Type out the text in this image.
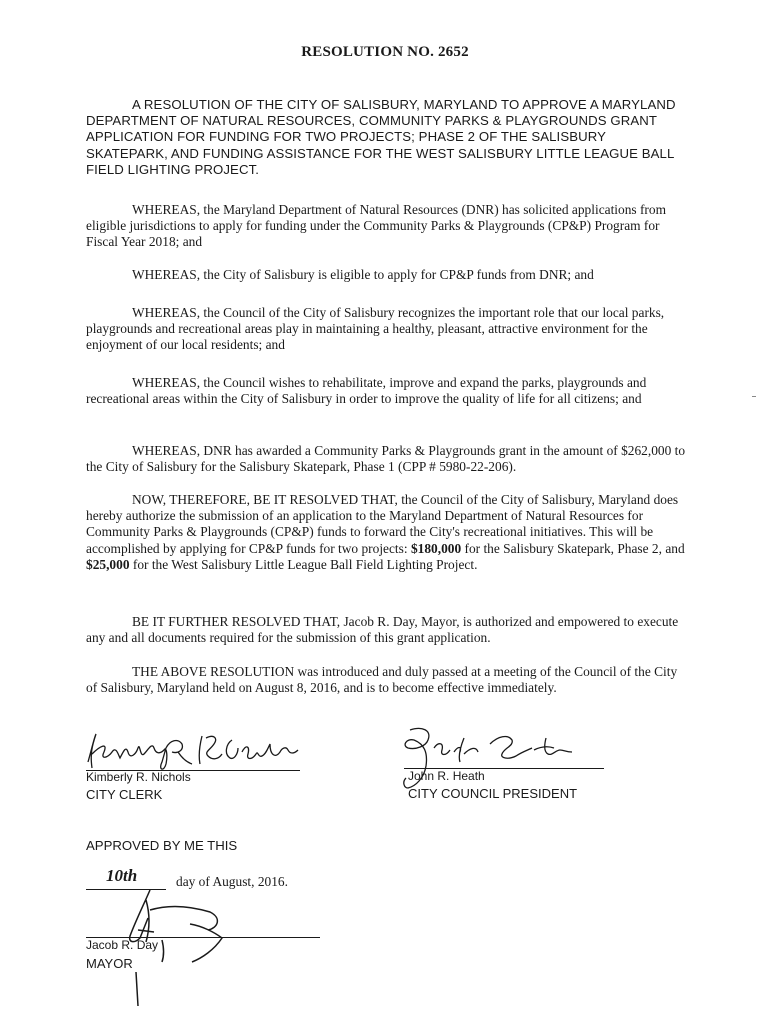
RESOLUTION NO. 2652

A RESOLUTION OF THE CITY OF SALISBURY, MARYLAND TO APPROVE A MARYLAND DEPARTMENT OF NATURAL RESOURCES, COMMUNITY PARKS & PLAYGROUNDS GRANT APPLICATION FOR FUNDING FOR TWO PROJECTS; PHASE 2 OF THE SALISBURY SKATEPARK, AND FUNDING ASSISTANCE FOR THE WEST SALISBURY LITTLE LEAGUE BALL FIELD LIGHTING PROJECT.

WHEREAS, the Maryland Department of Natural Resources (DNR) has solicited applications from eligible jurisdictions to apply for funding under the Community Parks & Playgrounds (CP&P) Program for Fiscal Year 2018; and

WHEREAS, the City of Salisbury is eligible to apply for CP&P funds from DNR; and

WHEREAS, the Council of the City of Salisbury recognizes the important role that our local parks, playgrounds and recreational areas play in maintaining a healthy, pleasant, attractive environment for the enjoyment of our local residents; and

WHEREAS, the Council wishes to rehabilitate, improve and expand the parks, playgrounds and recreational areas within the City of Salisbury in order to improve the quality of life for all citizens; and

WHEREAS, DNR has awarded a Community Parks & Playgrounds grant in the amount of $262,000 to the City of Salisbury for the Salisbury Skatepark, Phase 1 (CPP # 5980-22-206).

NOW, THEREFORE, BE IT RESOLVED THAT, the Council of the City of Salisbury, Maryland does hereby authorize the submission of an application to the Maryland Department of Natural Resources for Community Parks & Playgrounds (CP&P) funds to forward the City's recreational initiatives. This will be accomplished by applying for CP&P funds for two projects: $180,000 for the Salisbury Skatepark, Phase 2, and $25,000 for the West Salisbury Little League Ball Field Lighting Project.

BE IT FURTHER RESOLVED THAT, Jacob R. Day, Mayor, is authorized and empowered to execute any and all documents required for the submission of this grant application.

THE ABOVE RESOLUTION was introduced and duly passed at a meeting of the Council of the City of Salisbury, Maryland held on August 8, 2016, and is to become effective immediately.

Kimberly R. Nichols
CITY CLERK
John R. Heath
CITY COUNCIL PRESIDENT
APPROVED BY ME THIS
10th	day of August, 2016.
Jacob R. Day
MAYOR
